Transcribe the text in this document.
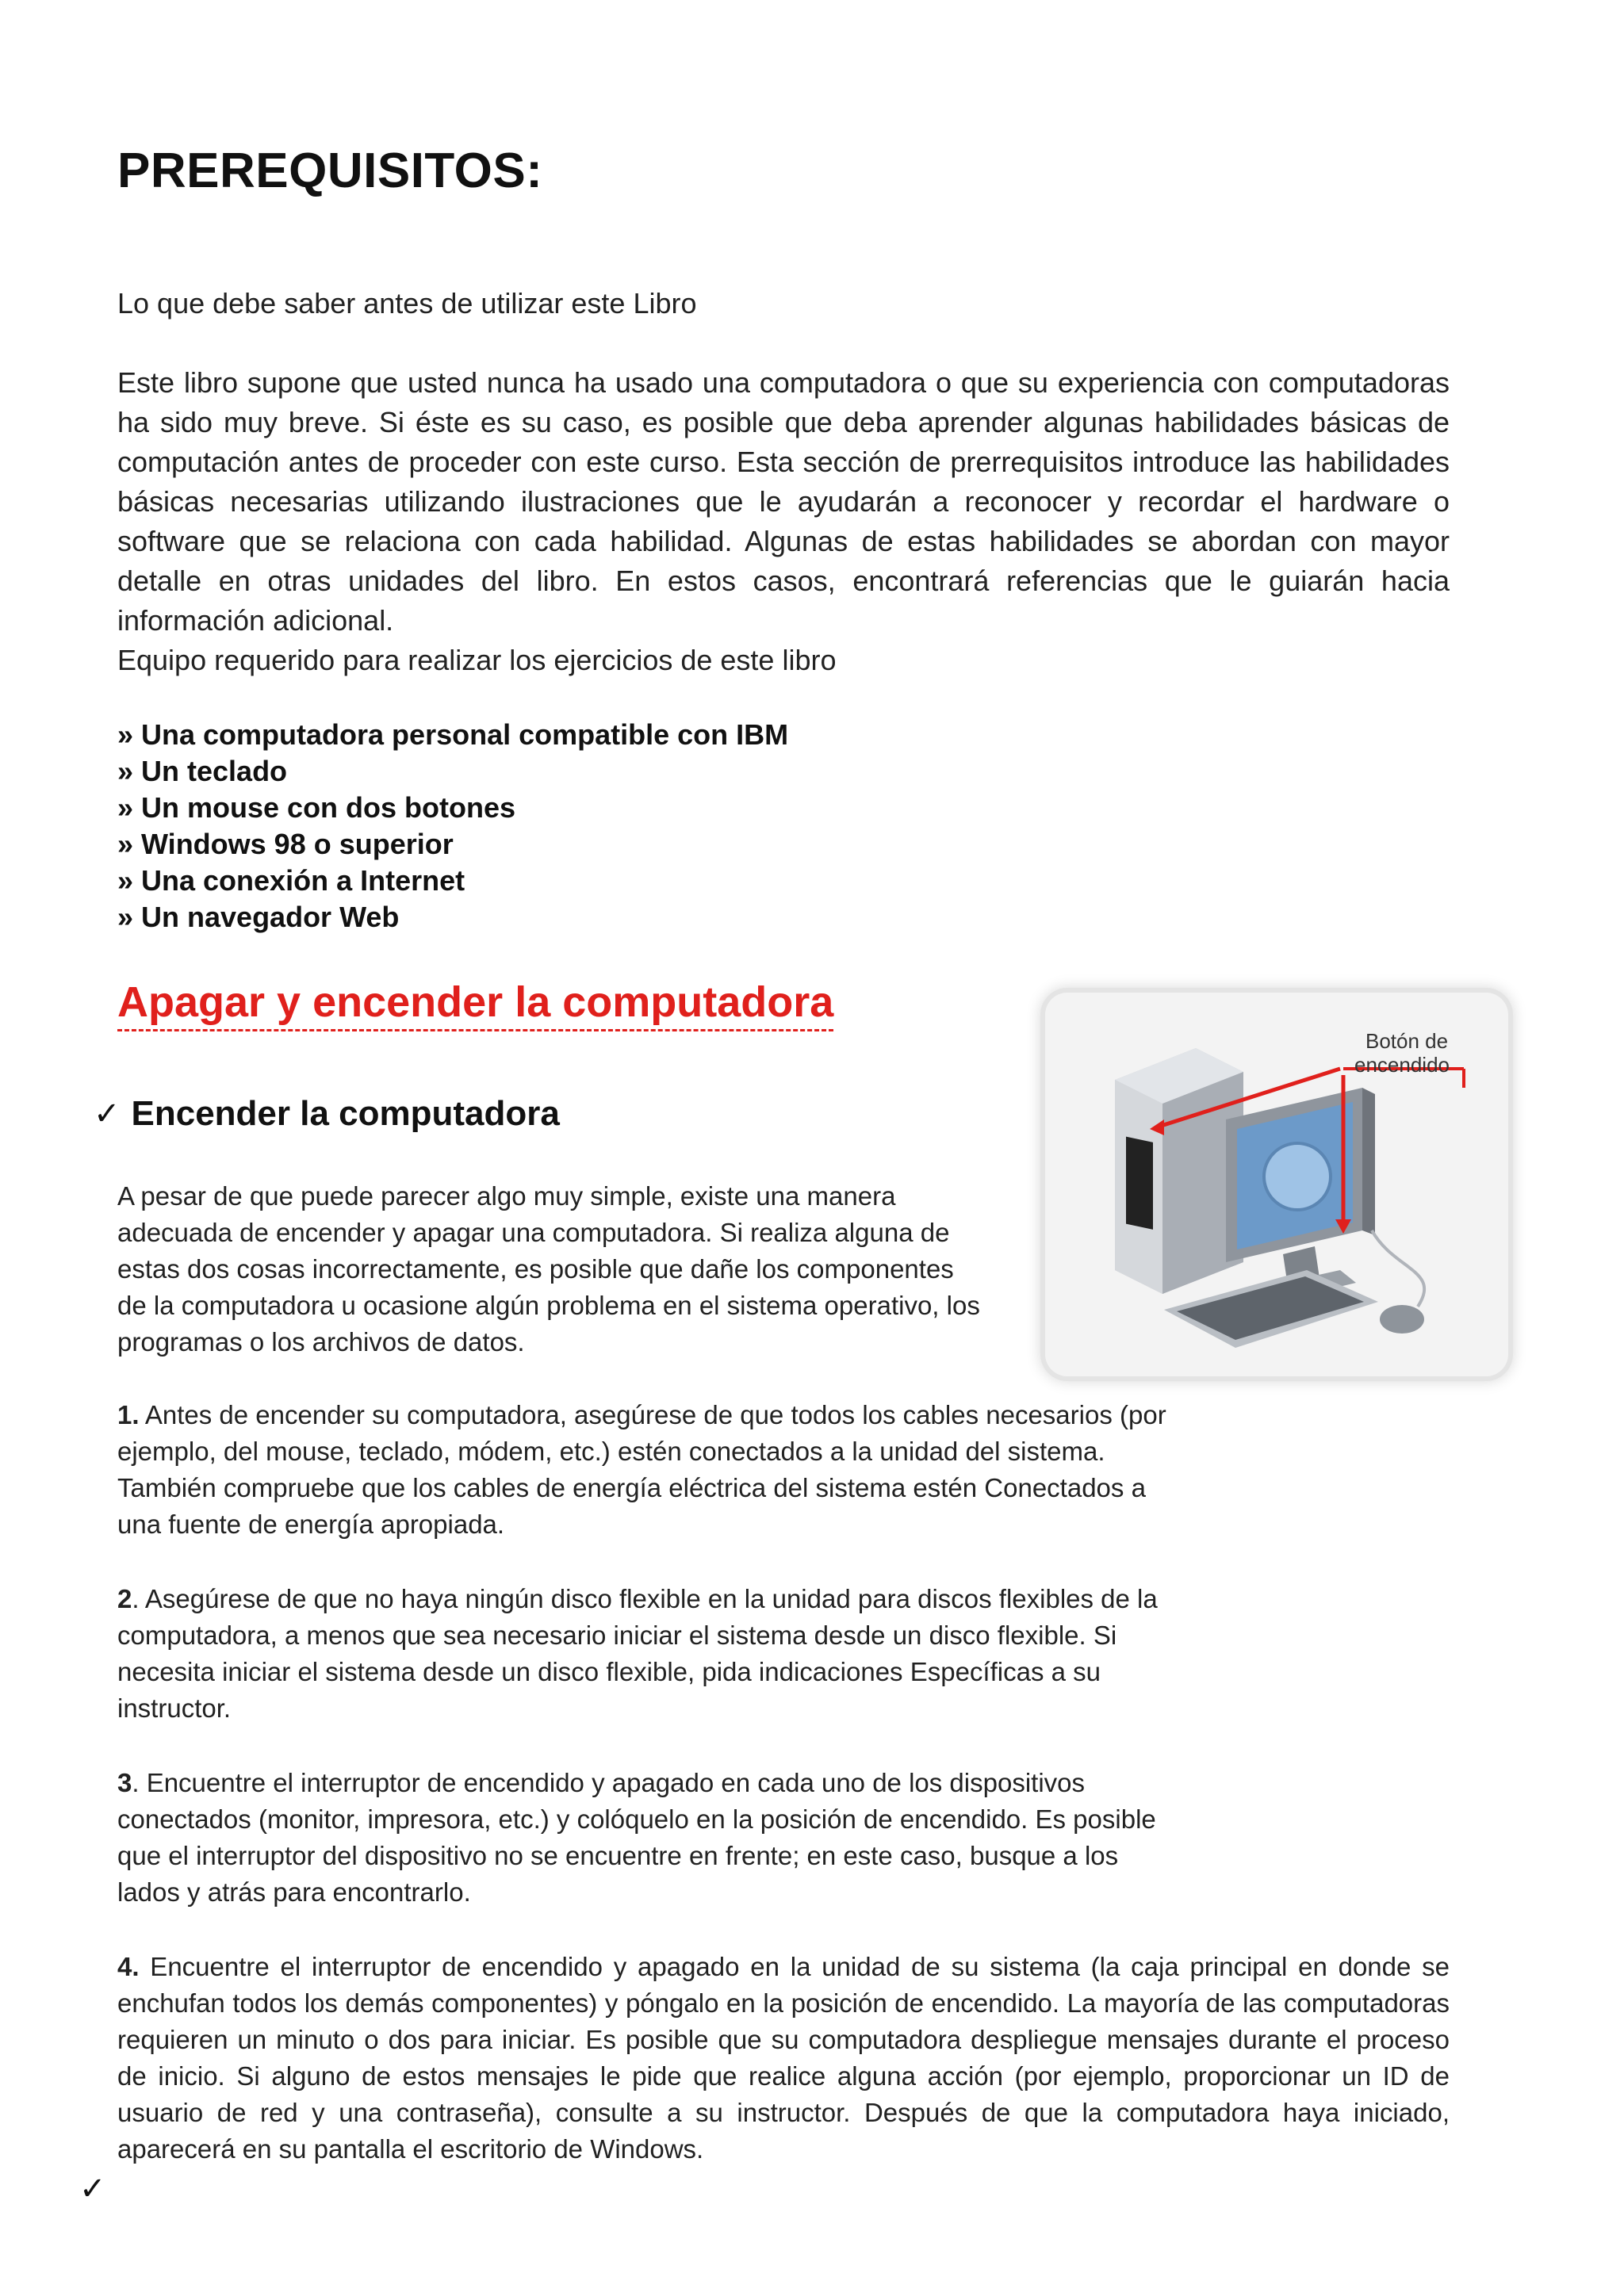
PREREQUISITOS:

Lo que debe saber antes de utilizar este Libro

Este libro supone que usted nunca ha usado una computadora o que su experiencia con computadoras ha sido muy breve. Si éste es su caso, es posible que deba aprender algunas habilidades básicas de computación antes de proceder con este curso. Esta sección de prerrequisitos introduce las habilidades básicas necesarias utilizando ilustraciones que le ayudarán a reconocer y recordar el hardware o software que se relaciona con cada habilidad. Algunas de estas habilidades se abordan con mayor detalle en otras unidades del libro. En estos casos, encontrará referencias que le guiarán hacia información adicional.

Equipo requerido para realizar los ejercicios de este libro

» Una computadora personal compatible con IBM
» Un teclado
» Un mouse con dos botones
» Windows 98 o superior
» Una conexión a Internet
» Un navegador Web
Apagar y encender la computadora
✓ Encender la computadora
Botón de
encendido

A pesar de que puede parecer algo muy simple, existe una manera adecuada de encender y apagar una computadora. Si realiza alguna de estas dos cosas incorrectamente, es posible que dañe los componentes de la computadora u ocasione algún problema en el sistema operativo, los programas o los archivos de datos.

1. Antes de encender su computadora, asegúrese de que todos los cables necesarios (por ejemplo, del mouse, teclado, módem, etc.) estén conectados a la unidad del sistema. También compruebe que los cables de energía eléctrica del sistema estén Conectados a una fuente de energía apropiada.

2. Asegúrese de que no haya ningún disco flexible en la unidad para discos flexibles de la computadora, a menos que sea necesario iniciar el sistema desde un disco flexible. Si necesita iniciar el sistema desde un disco flexible, pida indicaciones Específicas a su instructor.

3. Encuentre el interruptor de encendido y apagado en cada uno de los dispositivos conectados (monitor, impresora, etc.) y colóquelo en la posición de encendido. Es posible que el interruptor del dispositivo no se encuentre en frente; en este caso, busque a los lados y atrás para encontrarlo.

4. Encuentre el interruptor de encendido y apagado en la unidad de su sistema (la caja principal en donde se enchufan todos los demás componentes) y póngalo en la posición de encendido. La mayoría de las computadoras requieren un minuto o dos para iniciar. Es posible que su computadora despliegue mensajes durante el proceso de inicio. Si alguno de estos mensajes le pide que realice alguna acción (por ejemplo, proporcionar un ID de usuario de red y una contraseña), consulte a su instructor. Después de que la computadora haya iniciado, aparecerá en su pantalla el escritorio de Windows.

✓
